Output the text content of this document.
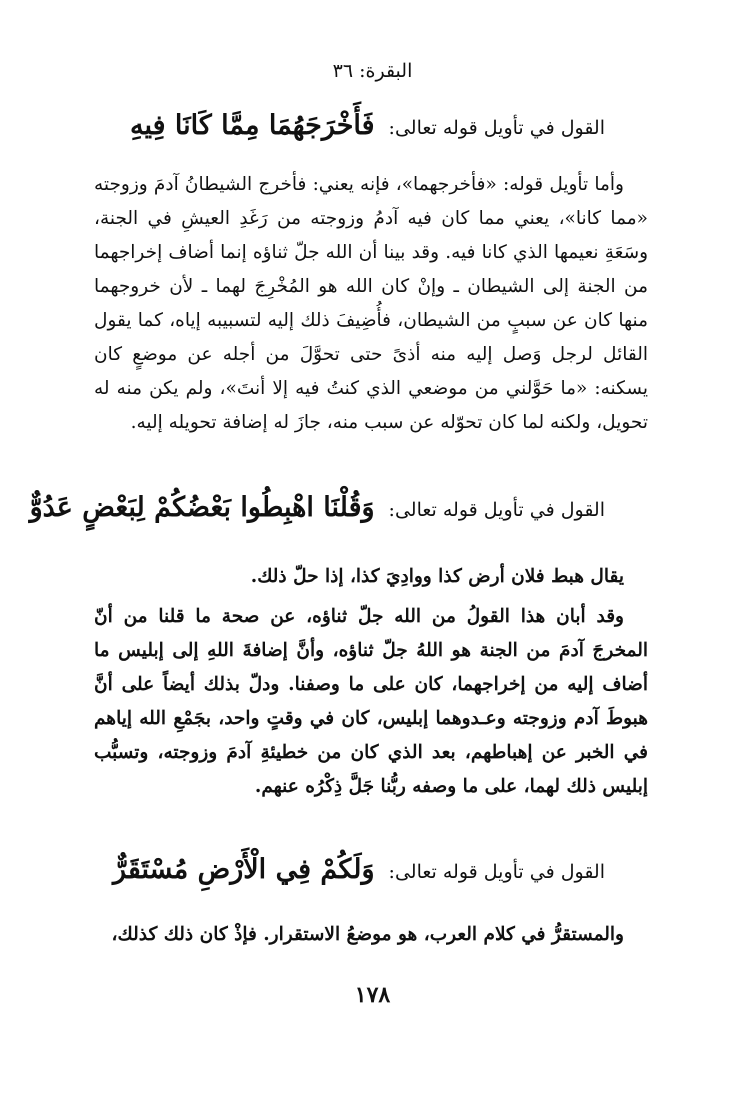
البقرة: ٣٦
القول في تأويل قوله تعالى:
فَأَخْرَجَهُمَا مِمَّا كَانَا فِيهِ

وأما تأويل قوله: «فأخرجهما»، فإنه يعني: فأخرج الشيطانُ آدمَ وزوجته «مما كانا»، يعني مما كان فيه آدمُ وزوجته من رَغَدِ العيشِ في الجنة، وسَعَةِ نعيمها الذي كانا فيه. وقد بينا أن الله جلّ ثناؤه إنما أضاف إخراجهما من الجنة إلى الشيطان ـ وإنْ كان الله هو المُخْرِجَ لهما ـ لأن خروجهما منها كان عن سببٍ من الشيطان، فأُضِيفَ ذلك إليه لتسبيبه إياه، كما يقول القائل لرجل وَصل إليه منه أذىً حتى تحوَّلَ من أجله عن موضعٍ كان يسكنه: «ما حَوَّلني من موضعي الذي كنتُ فيه إلا أنتَ»، ولم يكن منه له تحويل، ولكنه لما كان تحوّله عن سبب منه، جازَ له إضافة تحويله إليه.

القول في تأويل قوله تعالى:
وَقُلْنَا اهْبِطُوا بَعْضُكُمْ لِبَعْضٍ عَدُوٌّ

يقال هبط فلان أرض كذا ووادِيَ كذا، إذا حلّ ذلك.

وقد أبان هذا القولُ من الله جلّ ثناؤه، عن صحة ما قلنا من أنّ المخرجَ آدمَ من الجنة هو اللهُ جلّ ثناؤه، وأنَّ إضافةَ اللهِ إلى إبليس ما أضاف إليه من إخراجهما، كان على ما وصفنا. ودلّ بذلك أيضاً على أنَّ هبوطَ آدم وزوجته وعـدوهما إبليس، كان في وقتٍ واحد، بجَمْعِ الله إياهم في الخبر عن إهباطهم، بعد الذي كان من خطيئةِ آدمَ وزوجته، وتسبُّب إبليس ذلك لهما، على ما وصفه ربُّنا جَلَّ ذِكْرُه عنهم.

القول في تأويل قوله تعالى:
وَلَكُمْ فِي الْأَرْضِ مُسْتَقَرٌّ

والمستقرُّ في كلام العرب، هو موضعُ الاستقرار. فإذْ كان ذلك كذلك،

١٧٨
